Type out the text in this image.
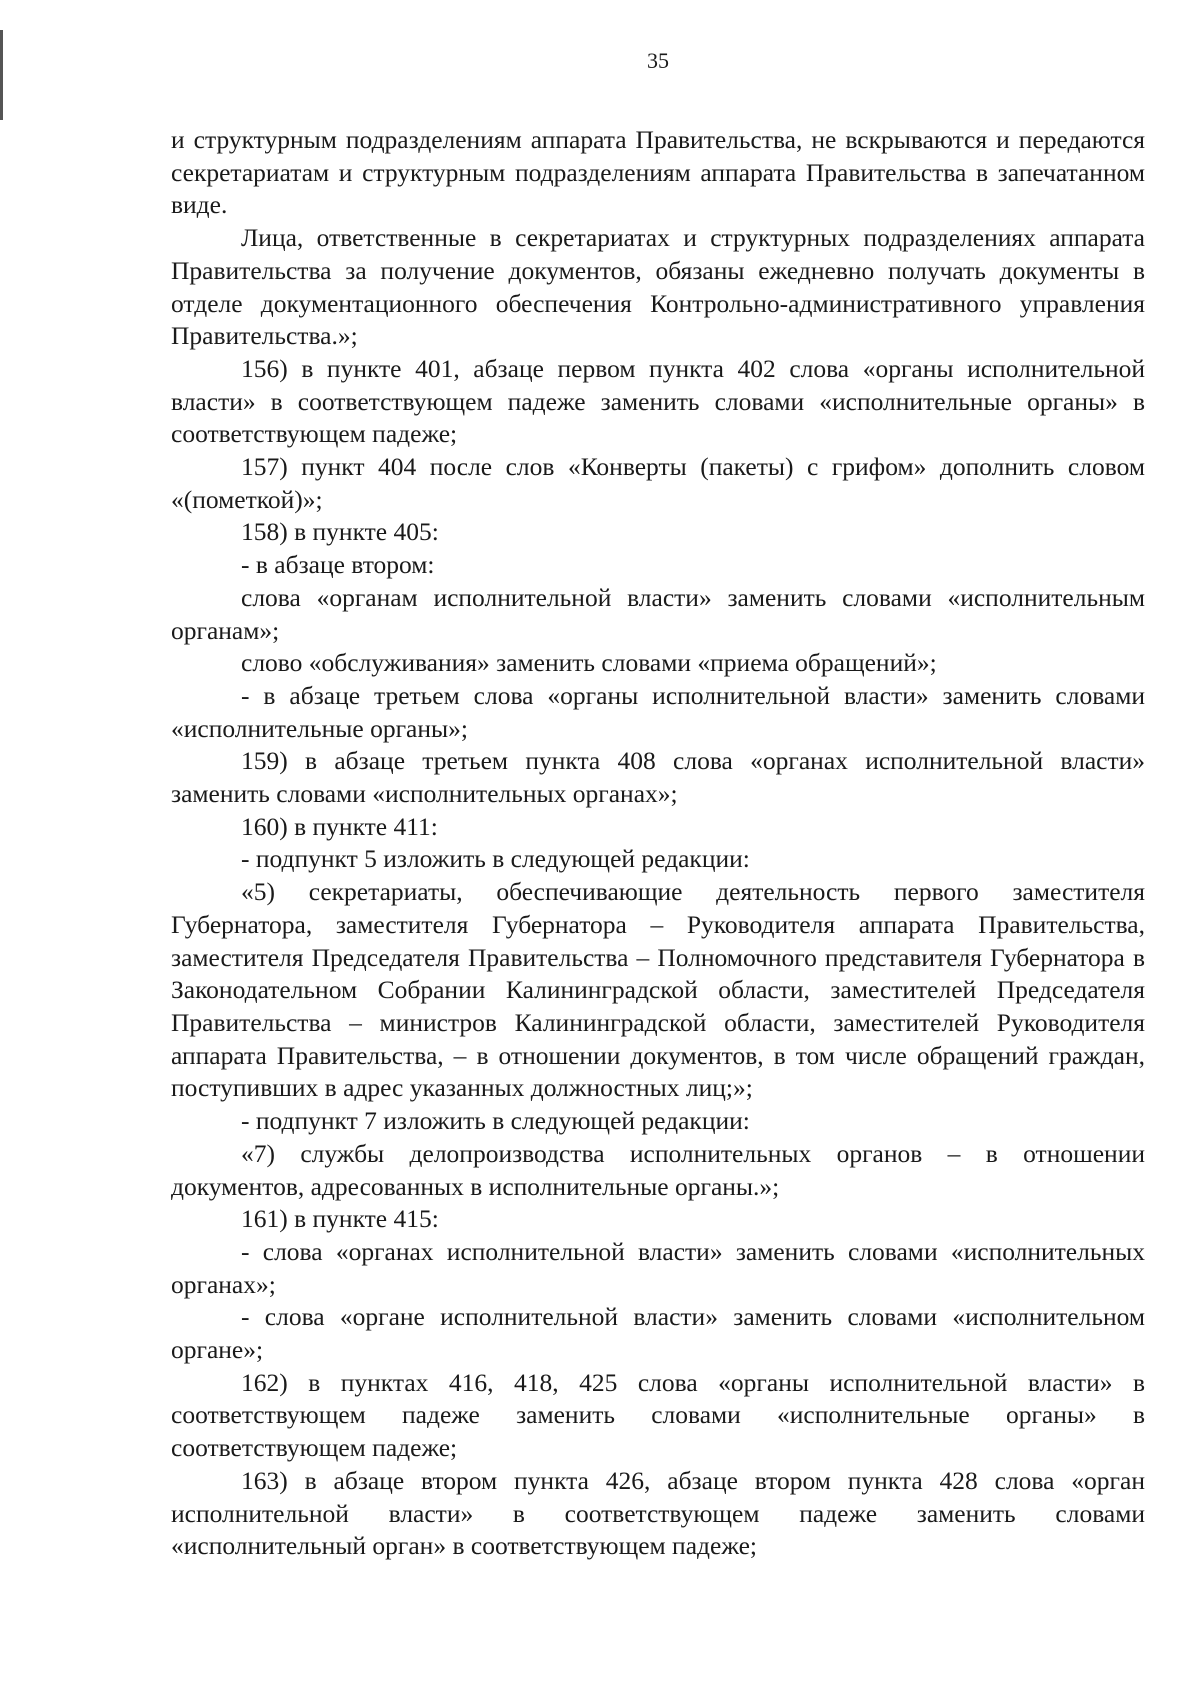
35

и структурным подразделениям аппарата Правительства, не вскрываются и передаются секретариатам и структурным подразделениям аппарата Правительства в запечатанном виде.

Лица, ответственные в секретариатах и структурных подразделениях аппарата Правительства за получение документов, обязаны ежедневно получать документы в отделе документационного обеспечения Контрольно-административного управления Правительства.»;

156) в пункте 401, абзаце первом пункта 402 слова «органы исполнительной власти» в соответствующем падеже заменить словами «исполнительные органы» в соответствующем падеже;

157) пункт 404 после слов «Конверты (пакеты) с грифом» дополнить словом «(пометкой)»;

158) в пункте 405:

- в абзаце втором:

слова «органам исполнительной власти» заменить словами «исполнительным органам»;

слово «обслуживания» заменить словами «приема обращений»;

- в абзаце третьем слова «органы исполнительной власти» заменить словами «исполнительные органы»;

159) в абзаце третьем пункта 408 слова «органах исполнительной власти» заменить словами «исполнительных органах»;

160) в пункте 411:

- подпункт 5 изложить в следующей редакции:

«5) секретариаты, обеспечивающие деятельность первого заместителя Губернатора, заместителя Губернатора – Руководителя аппарата Правительства, заместителя Председателя Правительства – Полномочного представителя Губернатора в Законодательном Собрании Калининградской области, заместителей Председателя Правительства – министров Калининградской области, заместителей Руководителя аппарата Правительства, – в отношении документов, в том числе обращений граждан, поступивших в адрес указанных должностных лиц;»;

- подпункт 7 изложить в следующей редакции:

«7) службы делопроизводства исполнительных органов – в отношении документов, адресованных в исполнительные органы.»;

161) в пункте 415:

- слова «органах исполнительной власти» заменить словами «исполнительных органах»;

- слова «органе исполнительной власти» заменить словами «исполнительном органе»;

162) в пунктах 416, 418, 425 слова «органы исполнительной власти» в соответствующем падеже заменить словами «исполнительные органы» в соответствующем падеже;

163) в абзаце втором пункта 426, абзаце втором пункта 428 слова «орган исполнительной власти» в соответствующем падеже заменить словами «исполнительный орган» в соответствующем падеже;
